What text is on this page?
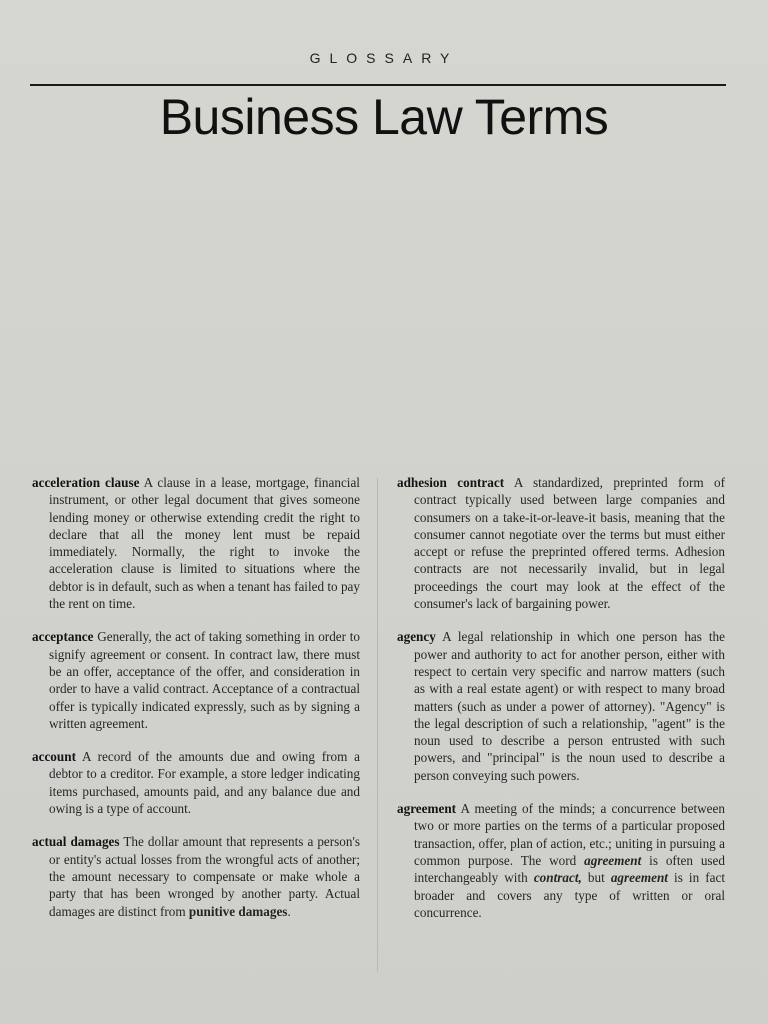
GLOSSARY
Business Law Terms

acceleration clause A clause in a lease, mortgage, financial instrument, or other legal document that gives someone lending money or otherwise extending credit the right to declare that all the money lent must be repaid immediately. Normally, the right to invoke the acceleration clause is limited to situations where the debtor is in default, such as when a tenant has failed to pay the rent on time.

acceptance Generally, the act of taking something in order to signify agreement or consent. In contract law, there must be an offer, acceptance of the offer, and consideration in order to have a valid contract. Acceptance of a contractual offer is typically indicated expressly, such as by signing a written agreement.

account A record of the amounts due and owing from a debtor to a creditor. For example, a store ledger indicating items purchased, amounts paid, and any balance due and owing is a type of account.

actual damages The dollar amount that represents a person's or entity's actual losses from the wrongful acts of another; the amount necessary to compensate or make whole a party that has been wronged by another party. Actual damages are distinct from punitive damages.

adhesion contract A standardized, preprinted form of contract typically used between large companies and consumers on a take-it-or-leave-it basis, meaning that the consumer cannot negotiate over the terms but must either accept or refuse the preprinted offered terms. Adhesion contracts are not necessarily invalid, but in legal proceedings the court may look at the effect of the consumer's lack of bargaining power.

agency A legal relationship in which one person has the power and authority to act for another person, either with respect to certain very specific and narrow matters (such as with a real estate agent) or with respect to many broad matters (such as under a power of attorney). "Agency" is the legal description of such a relationship, "agent" is the noun used to describe a person entrusted with such powers, and "principal" is the noun used to describe a person conveying such powers.

agreement A meeting of the minds; a concurrence between two or more parties on the terms of a particular proposed transaction, offer, plan of action, etc.; uniting in pursuing a common purpose. The word agreement is often used interchangeably with contract, but agreement is in fact broader and covers any type of written or oral concurrence.
